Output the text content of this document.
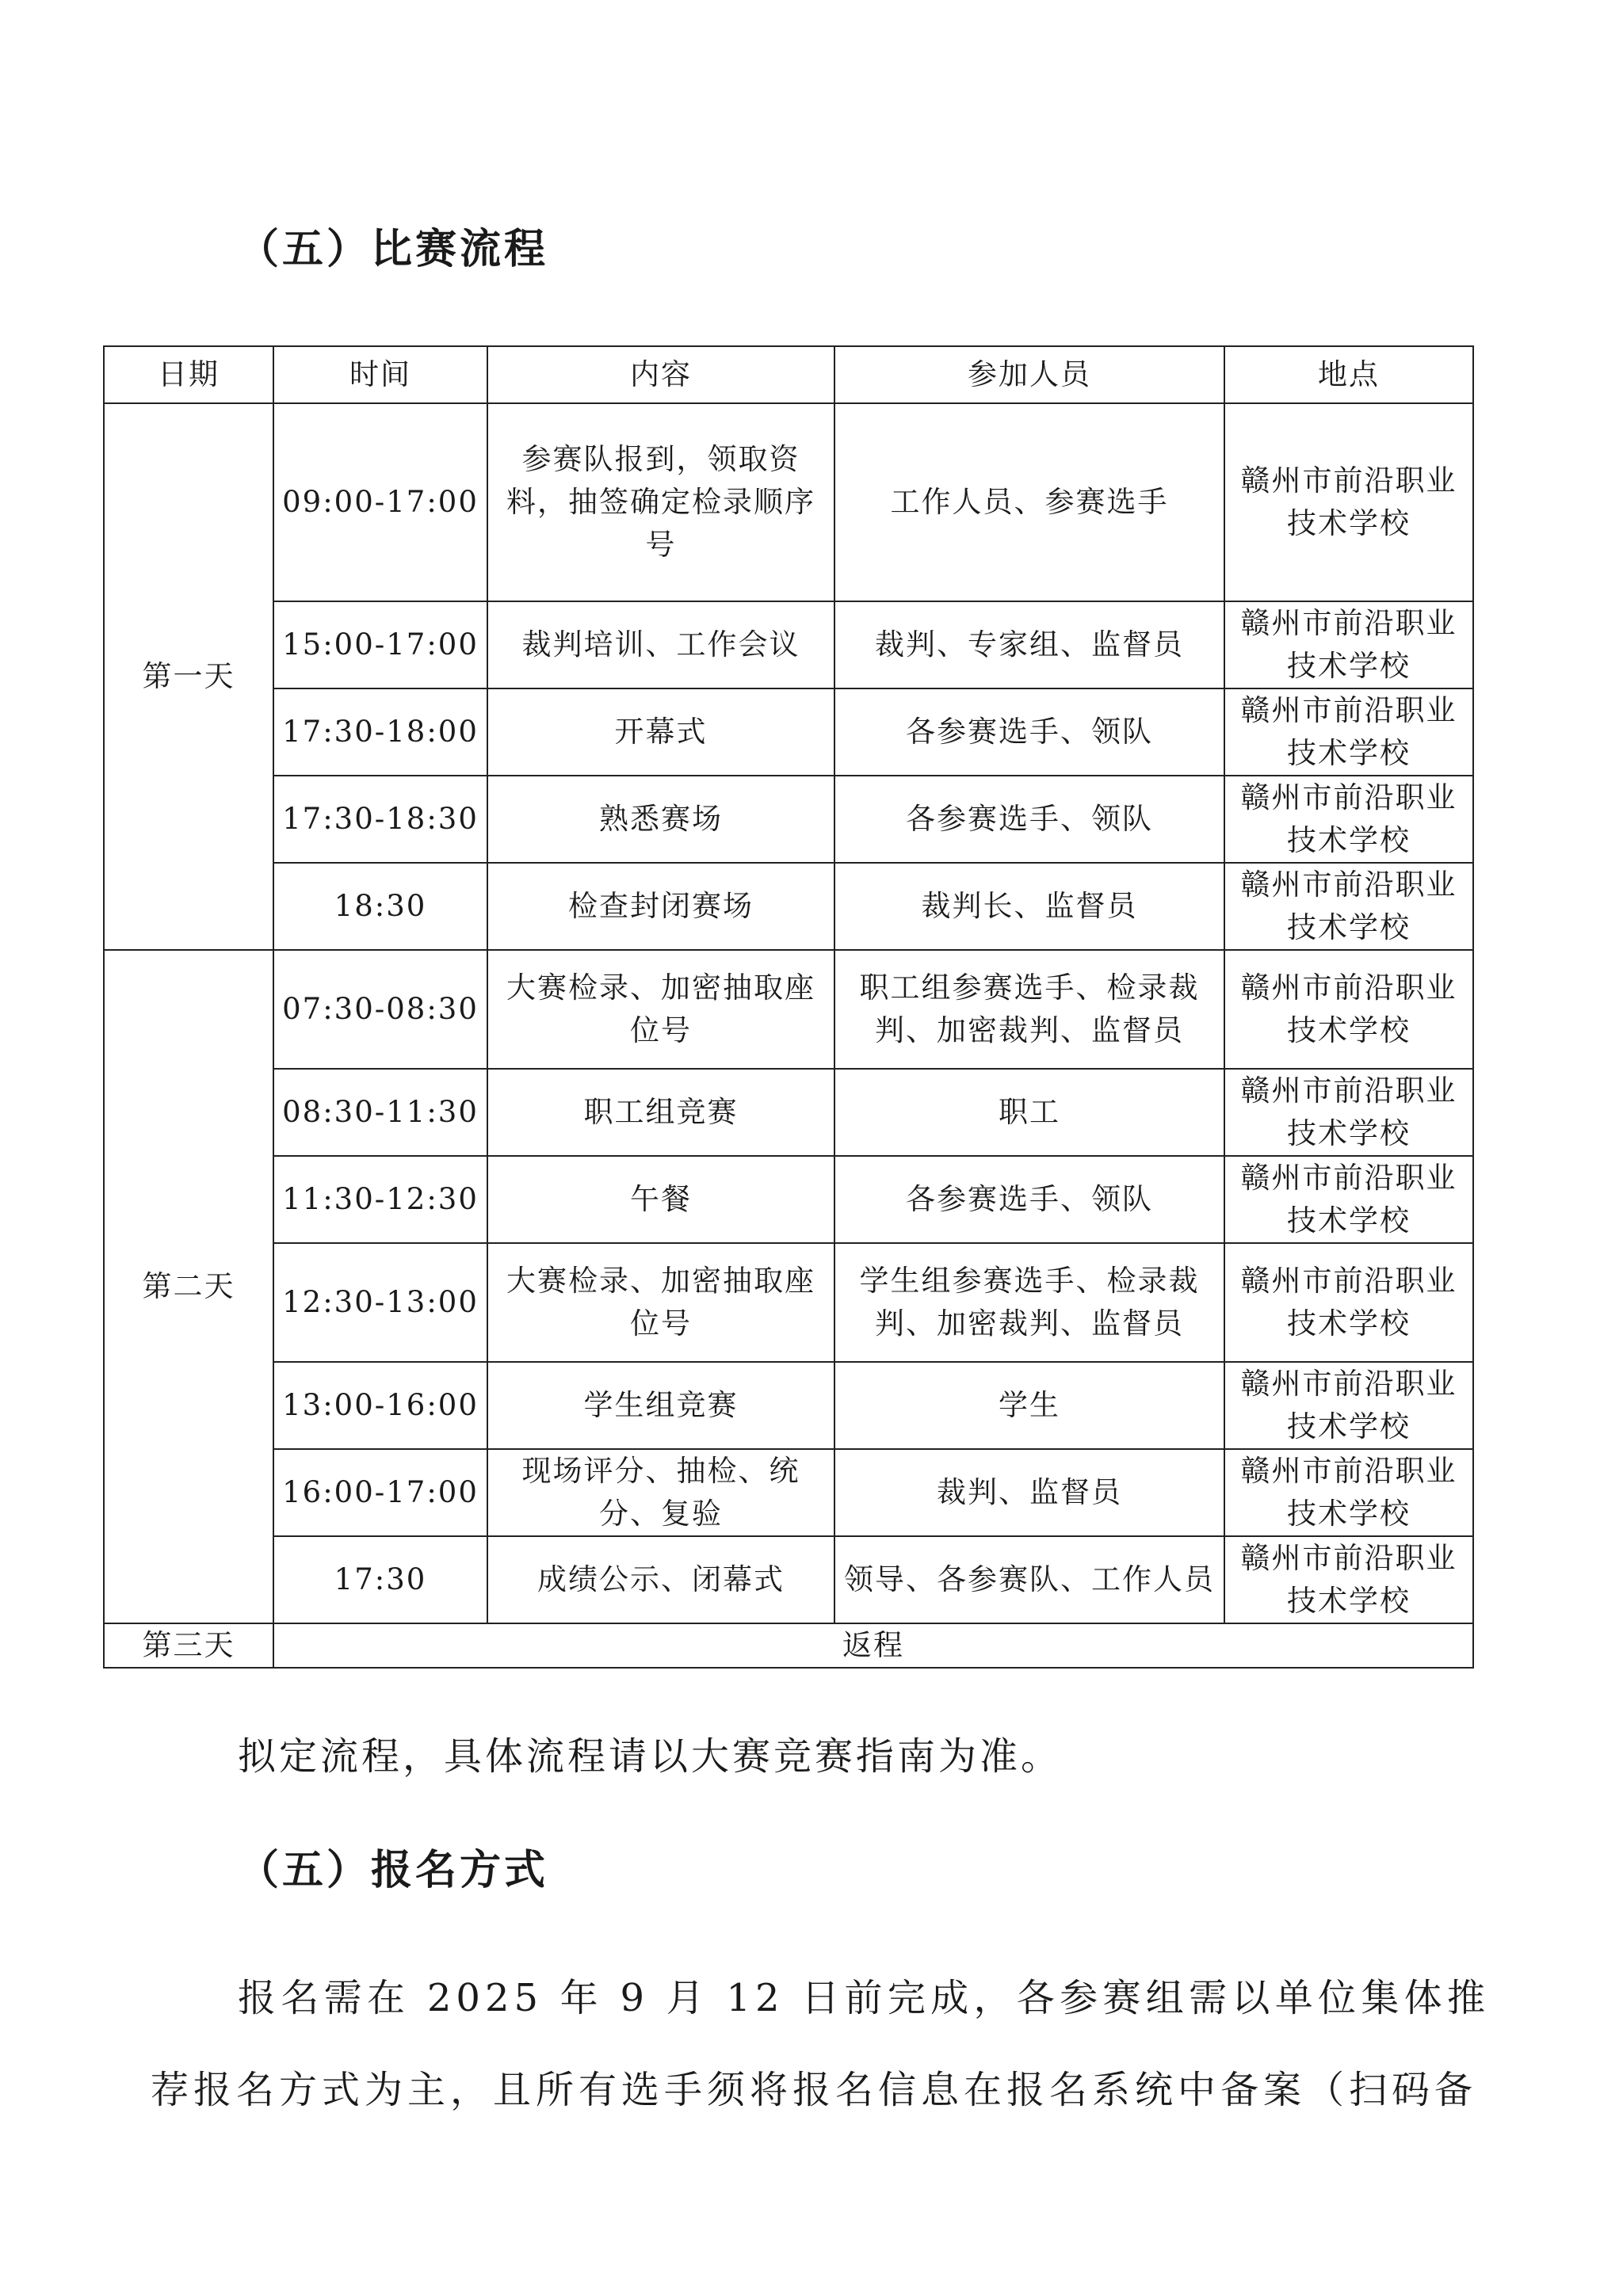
（五）比赛流程
日期	时间	内容	参加人员	地点
第一天	09:00-17:00	参赛队报到，领取资料，抽签确定检录顺序号	工作人员、参赛选手	赣州市前沿职业技术学校
	15:00-17:00	裁判培训、工作会议	裁判、专家组、监督员	赣州市前沿职业技术学校
	17:30-18:00	开幕式	各参赛选手、领队	赣州市前沿职业技术学校
	17:30-18:30	熟悉赛场	各参赛选手、领队	赣州市前沿职业技术学校
	18:30	检查封闭赛场	裁判长、监督员	赣州市前沿职业技术学校
第二天	07:30-08:30	大赛检录、加密抽取座位号	职工组参赛选手、检录裁判、加密裁判、监督员	赣州市前沿职业技术学校
	08:30-11:30	职工组竞赛	职工	赣州市前沿职业技术学校
	11:30-12:30	午餐	各参赛选手、领队	赣州市前沿职业技术学校
	12:30-13:00	大赛检录、加密抽取座位号	学生组参赛选手、检录裁判、加密裁判、监督员	赣州市前沿职业技术学校
	13:00-16:00	学生组竞赛	学生	赣州市前沿职业技术学校
	16:00-17:00	现场评分、抽检、统分、复验	裁判、监督员	赣州市前沿职业技术学校
	17:30	成绩公示、闭幕式	领导、各参赛队、工作人员	赣州市前沿职业技术学校
第三天	返程			
拟定流程，具体流程请以大赛竞赛指南为准。
（五）报名方式
报名需在 2025 年 9 月 12 日前完成，各参赛组需以单位集体推荐报名方式为主，且所有选手须将报名信息在报名系统中备案（扫码备
